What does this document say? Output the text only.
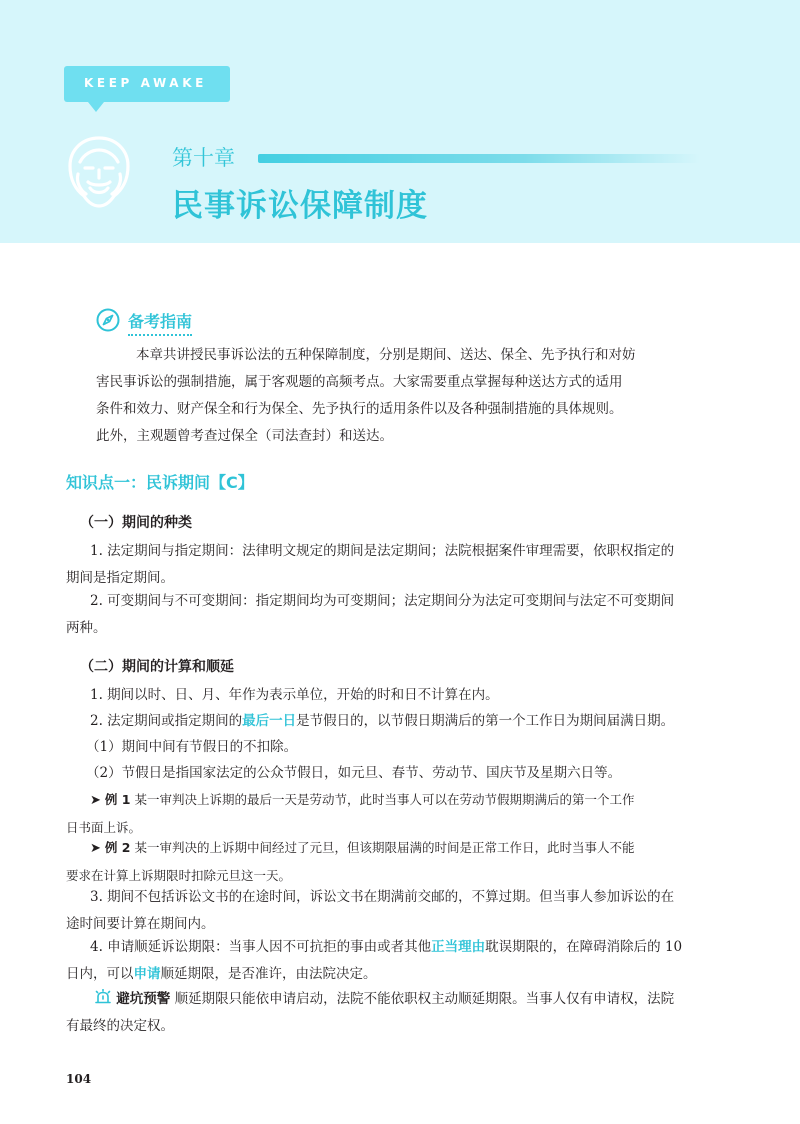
KEEP AWAKE
第十章
民事诉讼保障制度
备考指南

本章共讲授民事诉讼法的五种保障制度，分别是期间、送达、保全、先予执行和对妨

害民事诉讼的强制措施，属于客观题的高频考点。大家需要重点掌握每种送达方式的适用

条件和效力、财产保全和行为保全、先予执行的适用条件以及各种强制措施的具体规则。

此外，主观题曾考查过保全（司法查封）和送达。

知识点一：民诉期间【C】
（一）期间的种类
1. 法定期间与指定期间：法律明文规定的期间是法定期间；法院根据案件审理需要，依职权指定的
期间是指定期间。
2. 可变期间与不可变期间：指定期间均为可变期间；法定期间分为法定可变期间与法定不可变期间
两种。
（二）期间的计算和顺延
1. 期间以时、日、月、年作为表示单位，开始的时和日不计算在内。
2. 法定期间或指定期间的最后一日是节假日的，以节假日期满后的第一个工作日为期间届满日期。
（1）期间中间有节假日的不扣除。
（2）节假日是指国家法定的公众节假日，如元旦、春节、劳动节、国庆节及星期六日等。
➤ 例 1 某一审判决上诉期的最后一天是劳动节，此时当事人可以在劳动节假期期满后的第一个工作
日书面上诉。
➤ 例 2 某一审判决的上诉期中间经过了元旦，但该期限届满的时间是正常工作日，此时当事人不能
要求在计算上诉期限时扣除元旦这一天。
3. 期间不包括诉讼文书的在途时间，诉讼文书在期满前交邮的，不算过期。但当事人参加诉讼的在
途时间要计算在期间内。
4. 申请顺延诉讼期限：当事人因不可抗拒的事由或者其他正当理由耽误期限的，在障碍消除后的 10
日内，可以申请顺延期限，是否准许，由法院决定。
避坑预警 顺延期限只能依申请启动，法院不能依职权主动顺延期限。当事人仅有申请权，法院
有最终的决定权。
104
